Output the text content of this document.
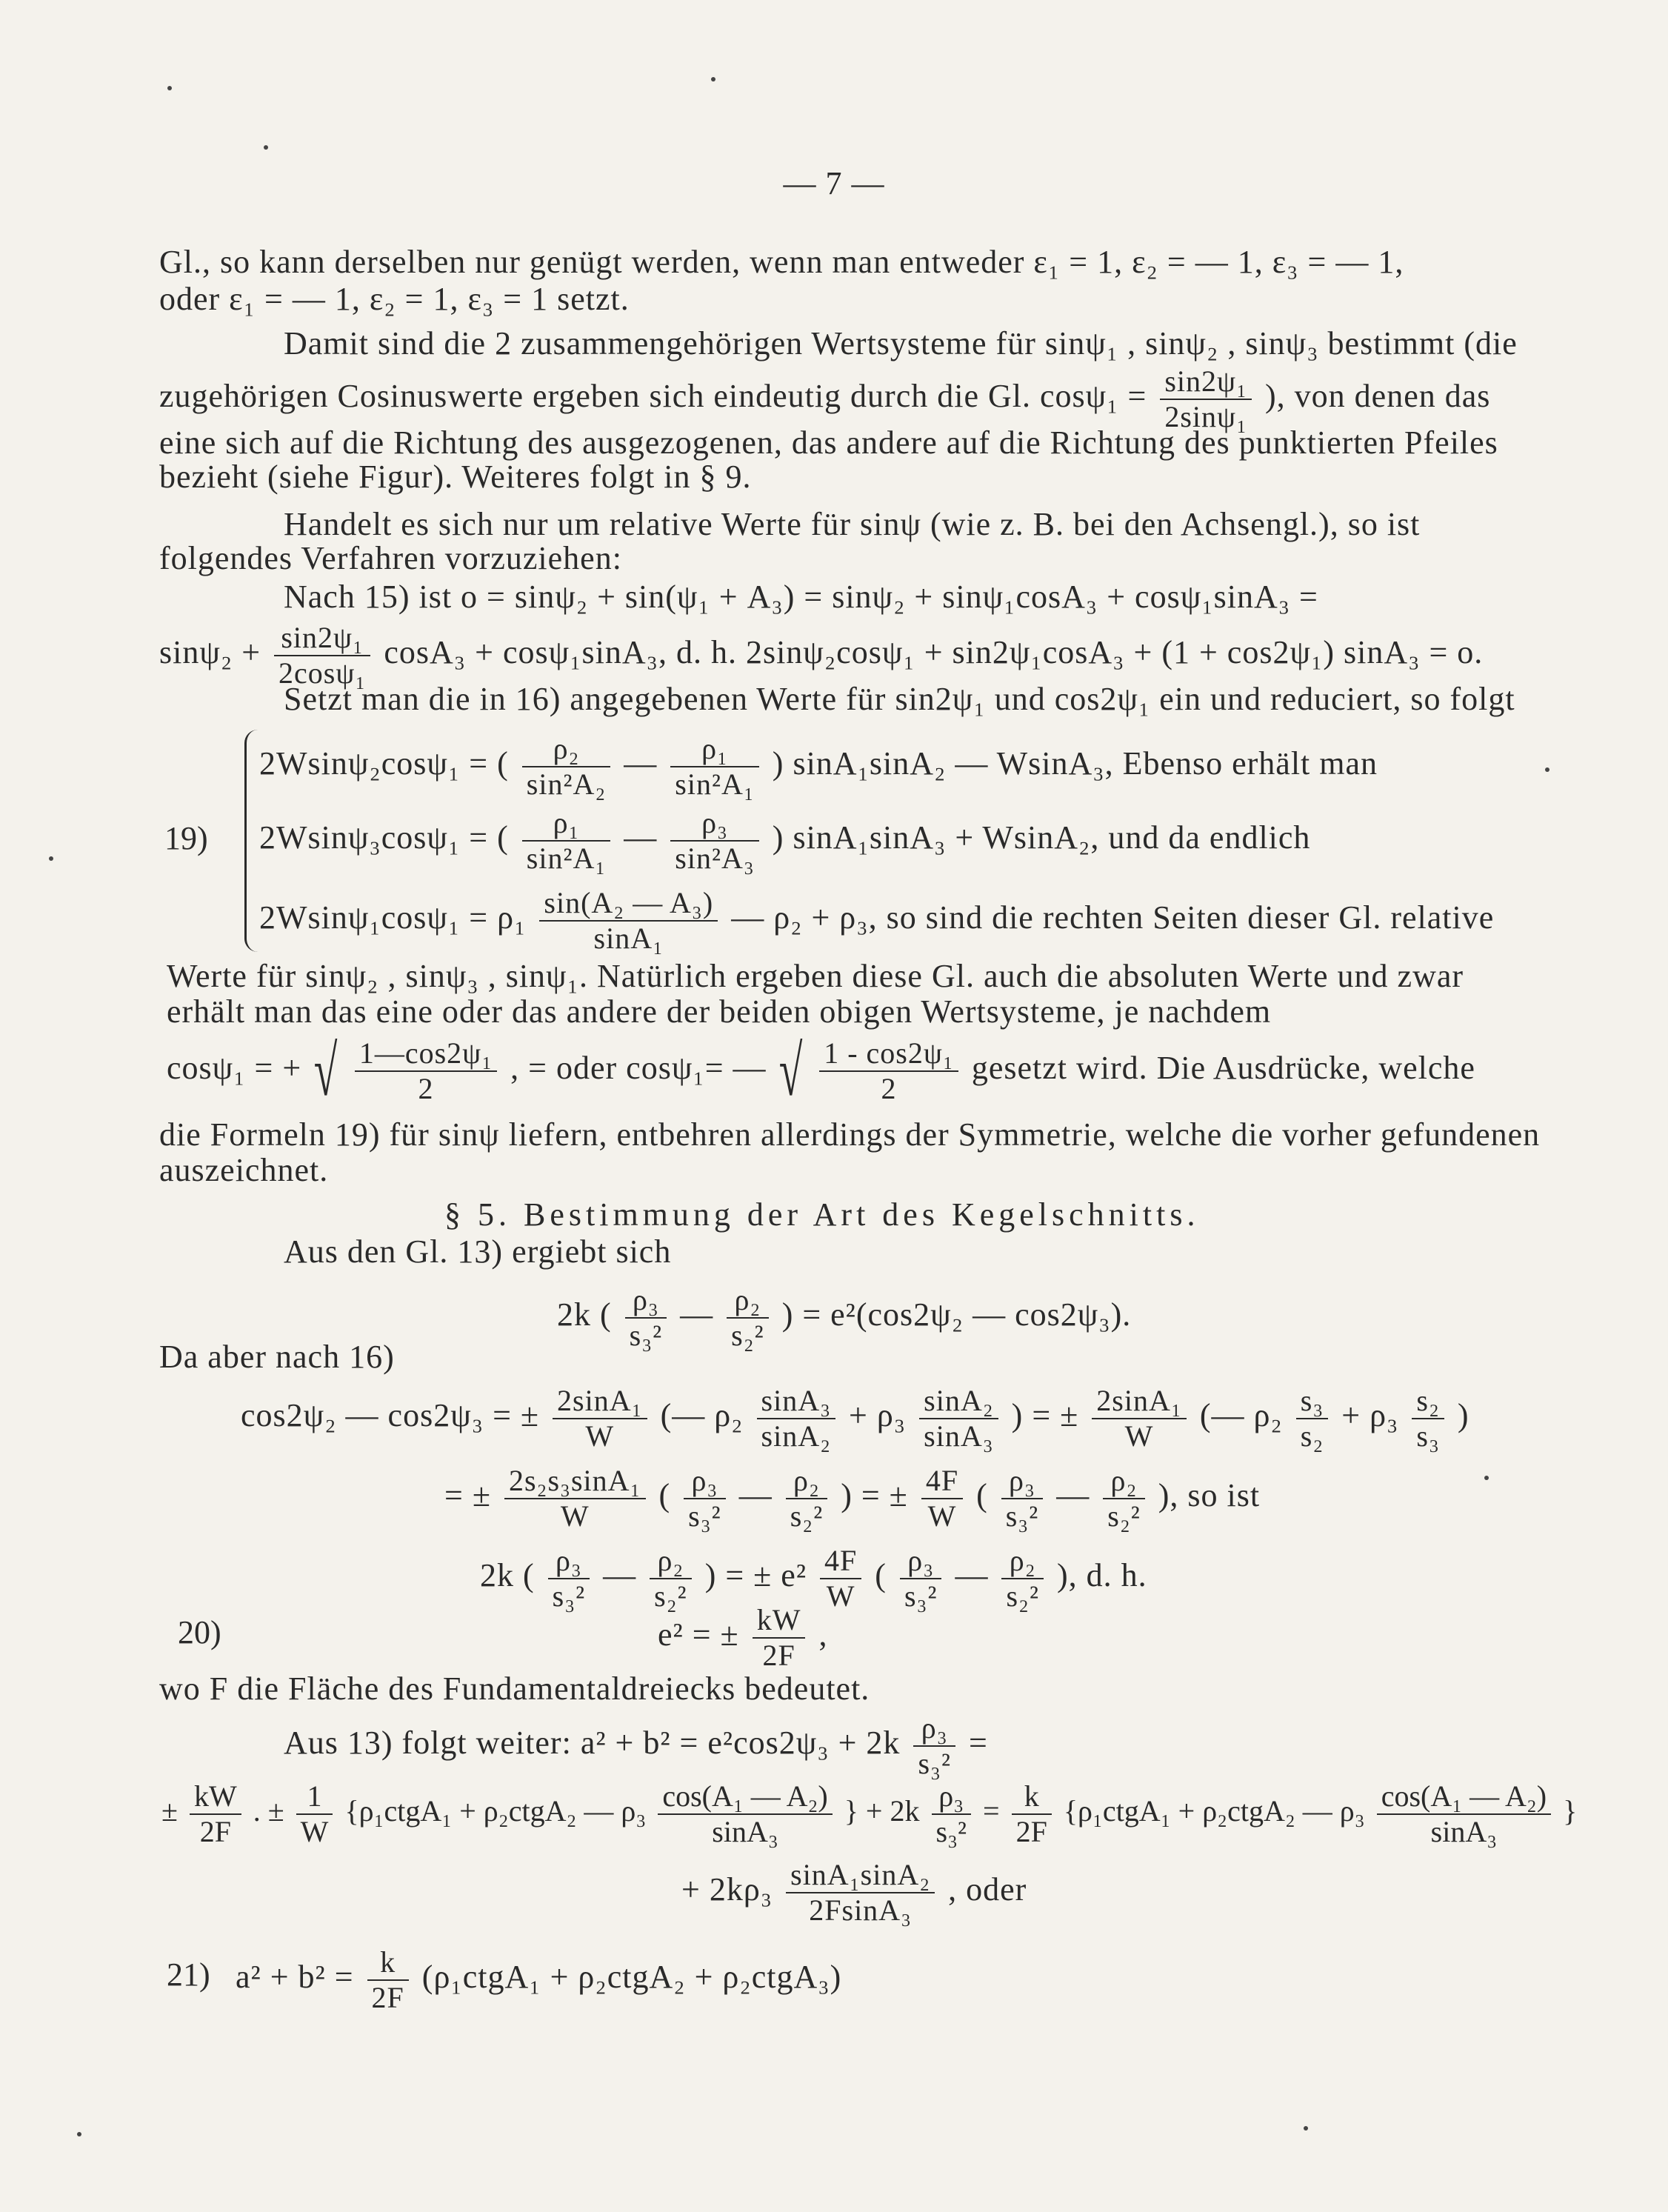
— 7 —
Gl., so kann derselben nur genügt werden, wenn man entweder ε₁ = 1, ε₂ = — 1, ε₃ = — 1,
oder ε₁ = — 1, ε₂ = 1, ε₃ = 1 setzt.
Damit sind die 2 zusammengehörigen Wertsysteme für sinψ₁ , sinψ₂ , sinψ₃ bestimmt (die
zugehörigen Cosinuswerte ergeben sich eindeutig durch die Gl. $\cos\psi_1 = \frac{\text{sin2ψ₁}}{\text{2sinψ₁}}$ ), von denen das
eine sich auf die Richtung des ausgezogenen, das andere auf die Richtung des punktierten Pfeiles
bezieht (siehe Figur). Weiteres folgt in § 9.
Handelt es sich nur um relative Werte für sinψ (wie z. B. bei den Achsengl.), so ist
folgendes Verfahren vorzuziehen:
Nach 15) ist o = sinψ₂ + sin(ψ₁ + A₃) = sinψ₂ + sinψ₁cosA₃ + cosψ₁sinA₃ =
$\sin\psi_2 + \frac{\text{sin2ψ₁}}{\text{2cosψ₁}} \cos A_3 + \cos\psi_1\sin A_3$, d. h. 2sinψ₂cosψ₁ + sin2ψ₁cosA₃ + (1 + cos2ψ₁) sinA₃ = o.
Setzt man die in 16) angegebenen Werte für sin2ψ₁ und cos2ψ₁ ein und reduciert, so folgt
19)
2Wsinψ₂cosψ₁ = ( $\frac{\text{ρ₂}}{\text{sin²A₂}}$ — $\frac{\text{ρ₁}}{\text{sin²A₁}}$ ) sinA₁sinA₂ — WsinA₃, Ebenso erhält man
2Wsinψ₃cosψ₁ = ( $\frac{\text{ρ₁}}{\text{sin²A₁}}$ — $\frac{\text{ρ₃}}{\text{sin²A₃}}$ ) sinA₁sinA₃ + WsinA₂, und da endlich
$2Wsin\psi_1\cos\psi_1 = \rho_1 \frac{\text{sin(A₂ — A₃)}}{\text{sinA₁}}$ — ρ₂ + ρ₃, so sind die rechten Seiten dieser Gl. relative
Werte für sinψ₂ , sinψ₃ , sinψ₁. Natürlich ergeben diese Gl. auch die absoluten Werte und zwar
erhält man das eine oder das andere der beiden obigen Wertsysteme, je nachdem
cosψ₁ = + √ $\frac{\text{1—cos2ψ₁}}{2}$ , = oder cosψ₁= — √ $\frac{\text{1 - cos2ψ₁}}{2}$ gesetzt wird. Die Ausdrücke, welche
die Formeln 19) für sinψ liefern, entbehren allerdings der Symmetrie, welche die vorher gefundenen
auszeichnet.
§ 5. Bestimmung der Art des Kegelschnitts.
Aus den Gl. 13) ergiebt sich
2k ( $\frac{\text{ρ₃}}{\text{s₃²}}$ — $\frac{\text{ρ₂}}{\text{s₂²}}$ ) = e²(cos2ψ₂ — cos2ψ₃).
Da aber nach 16)
cos2ψ₂ — cos2ψ₃ = ± $\frac{\text{2sinA₁}}{W}$ (— $\rho_2 \frac{\text{sinA₃}}{\text{sinA₂}} + \rho_3 \frac{\text{sinA₂}}{\text{sinA₃}}$ ) = ± $\frac{\text{2sinA₁}}{W}$ (— $\rho_2 \frac{\text{s₃}}{\text{s₂}} + \rho_3 \frac{\text{s₂}}{\text{s₃}}$ )
= ± $\frac{\text{2s₂s₃sinA₁}}{W}$ ( $\frac{\text{ρ₃}}{\text{s₃²}}$ — $\frac{\text{ρ₂}}{\text{s₂²}}$ ) = ± $\frac{4F}{W}$ ( $\frac{\text{ρ₃}}{\text{s₃²}}$ — $\frac{\text{ρ₂}}{\text{s₂²}}$ ), so ist
2k ( $\frac{\text{ρ₃}}{\text{s₃²}}$ — $\frac{\text{ρ₂}}{\text{s₂²}}$ ) = ± $e^2 \frac{4F}{W}$ ( $\frac{\text{ρ₃}}{\text{s₃²}}$ — $\frac{\text{ρ₂}}{\text{s₂²}}$ ), d. h.
20)	e² = ± $\frac{kW}{2F}$ ,
wo F die Fläche des Fundamentaldreiecks bedeutet.
Aus 13) folgt weiter: $a^2 + b^2 = e^2\cos 2\psi_3 + 2k \frac{\text{ρ₃}}{\text{s₃²}}$ =
± $\frac{kW}{2F}$ . ± $\frac{1}{W}$ {ρ₁ctgA₁ + ρ₂ctgA₂ — $\rho_3 \frac{\text{cos(A₁ — A₂)}}{\text{sinA₃}}$ } + $2k \frac{\text{ρ₃}}{\text{s₃²}} = \frac{k}{2F}$ {ρ₁ctgA₁ + ρ₂ctgA₂ — $\rho_3 \frac{\text{cos(A₁ — A₂)}}{\text{sinA₃}}$ }
+ $2k\rho_3 \frac{\text{sinA₁sinA₂}}{\text{2FsinA₃}}$ , oder
21) $a^2 + b^2 = \frac{k}{2F}$ (ρ₁ctgA₁ + ρ₂ctgA₂ + ρ₂ctgA₃)
